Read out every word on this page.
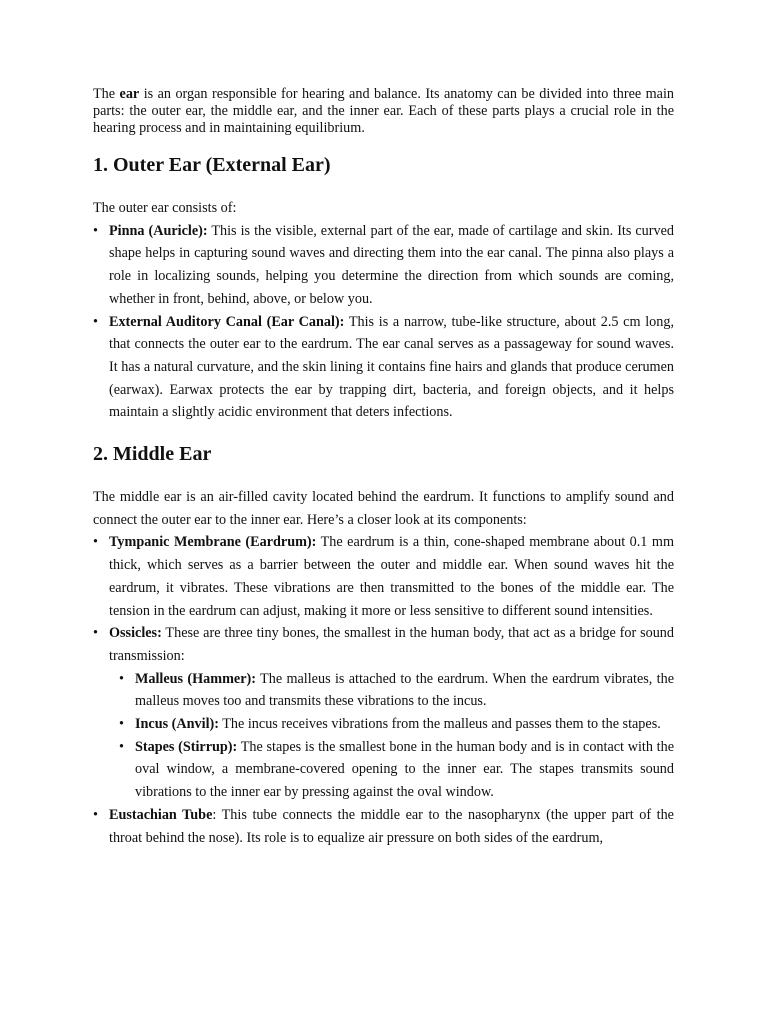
The ear is an organ responsible for hearing and balance. Its anatomy can be divided into three main parts: the outer ear, the middle ear, and the inner ear. Each of these parts plays a crucial role in the hearing process and in maintaining equilibrium.

1. Outer Ear (External Ear)

The outer ear consists of:

• Pinna (Auricle): This is the visible, external part of the ear, made of cartilage and skin. Its curved shape helps in capturing sound waves and directing them into the ear canal. The pinna also plays a role in localizing sounds, helping you determine the direction from which sounds are coming, whether in front, behind, above, or below you.
• External Auditory Canal (Ear Canal): This is a narrow, tube-like structure, about 2.5 cm long, that connects the outer ear to the eardrum. The ear canal serves as a passageway for sound waves. It has a natural curvature, and the skin lining it contains fine hairs and glands that produce cerumen (earwax). Earwax protects the ear by trapping dirt, bacteria, and foreign objects, and it helps maintain a slightly acidic environment that deters infections.
2. Middle Ear

The middle ear is an air-filled cavity located behind the eardrum. It functions to amplify sound and connect the outer ear to the inner ear. Here’s a closer look at its components:

• Tympanic Membrane (Eardrum): The eardrum is a thin, cone-shaped membrane about 0.1 mm thick, which serves as a barrier between the outer and middle ear. When sound waves hit the eardrum, it vibrates. These vibrations are then transmitted to the bones of the middle ear. The tension in the eardrum can adjust, making it more or less sensitive to different sound intensities.
• Ossicles: These are three tiny bones, the smallest in the human body, that act as a bridge for sound transmission:
• Malleus (Hammer): The malleus is attached to the eardrum. When the eardrum vibrates, the malleus moves too and transmits these vibrations to the incus.
• Incus (Anvil): The incus receives vibrations from the malleus and passes them to the stapes.
• Stapes (Stirrup): The stapes is the smallest bone in the human body and is in contact with the oval window, a membrane-covered opening to the inner ear. The stapes transmits sound vibrations to the inner ear by pressing against the oval window.
• Eustachian Tube: This tube connects the middle ear to the nasopharynx (the upper part of the throat behind the nose). Its role is to equalize air pressure on both sides of the eardrum,
